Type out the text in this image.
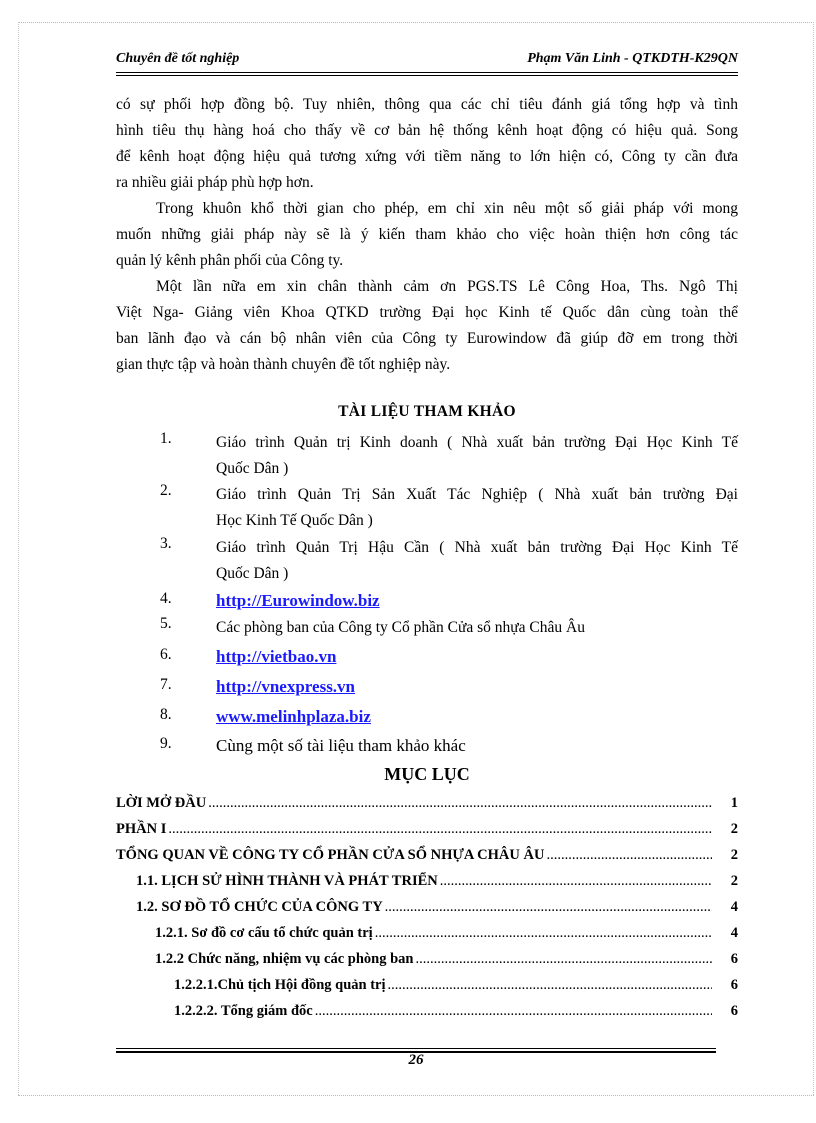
Chuyên đề tốt nghiệp	Phạm Văn Linh - QTKDTH-K29QN
có sự phối hợp đồng bộ. Tuy nhiên, thông qua các chỉ tiêu đánh giá tổng hợp và tình
hình tiêu thụ hàng hoá cho thấy về cơ bản hệ thống kênh hoạt động có hiệu quả. Song
để kênh hoạt động hiệu quả tương xứng với tiềm năng to lớn hiện có, Công ty cần đưa
ra nhiều giải pháp phù hợp hơn.
Trong khuôn khổ thời gian cho phép, em chỉ xin nêu một số giải pháp với mong
muốn những giải pháp này sẽ là ý kiến tham khảo cho việc hoàn thiện hơn công tác
quản lý kênh phân phối của Công ty.
Một lần nữa em xin chân thành cảm ơn PGS.TS Lê Công Hoa, Ths. Ngô Thị
Việt Nga- Giảng viên Khoa QTKD trường Đại học Kinh tế Quốc dân cùng toàn thể
ban lãnh đạo và cán bộ nhân viên của Công ty Eurowindow đã giúp đỡ em trong thời
gian thực tập và hoàn thành chuyên đề tốt nghiệp này.
TÀI LIỆU THAM KHẢO
1.	Giáo trình Quản trị Kinh doanh ( Nhà xuất bản trường Đại Học Kinh Tế
Quốc Dân )
2.	Giáo trình Quản Trị Sản Xuất Tác Nghiệp ( Nhà xuất bản trường Đại
Học Kinh Tế Quốc Dân )
3.	Giáo trình Quản Trị Hậu Cần ( Nhà xuất bản trường Đại Học Kinh Tế
Quốc Dân )
4.	http://Eurowindow.biz
5.	Các phòng ban của Công ty Cổ phần Cửa sổ nhựa Châu Âu
6.	http://vietbao.vn
7.	http://vnexpress.vn
8.	www.melinhplaza.biz
9.	Cùng một số tài liệu tham khảo khác
MỤC LỤC
LỜI MỞ ĐẦU .....	1
PHẦN I .....	2
TỔNG QUAN VỀ CÔNG TY CỔ PHẦN CỬA SỔ NHỰA CHÂU ÂU .....	2
1.1. LỊCH SỬ HÌNH THÀNH VÀ PHÁT TRIỂN .....	2
1.2. SƠ ĐỒ TỔ CHỨC CỦA CÔNG TY .....	4
1.2.1. Sơ đồ cơ cấu tổ chức quản trị .....	4
1.2.2 Chức năng, nhiệm vụ các phòng ban .....	6
1.2.2.1.Chủ tịch Hội đồng quản trị .....	6
1.2.2.2. Tổng giám đốc .....	6
26
